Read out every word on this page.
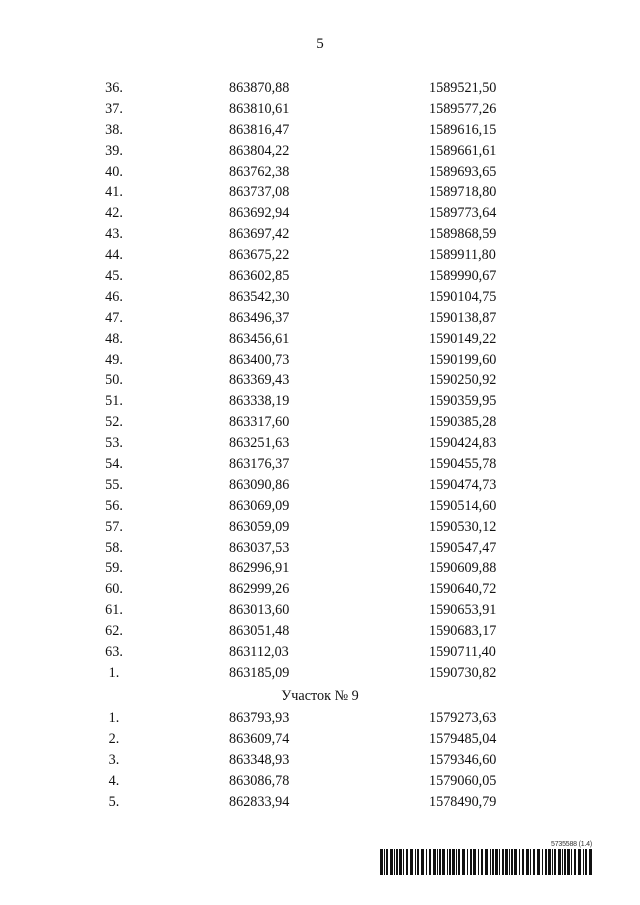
5
36.	863870,88	1589521,50
37.	863810,61	1589577,26
38.	863816,47	1589616,15
39.	863804,22	1589661,61
40.	863762,38	1589693,65
41.	863737,08	1589718,80
42.	863692,94	1589773,64
43.	863697,42	1589868,59
44.	863675,22	1589911,80
45.	863602,85	1589990,67
46.	863542,30	1590104,75
47.	863496,37	1590138,87
48.	863456,61	1590149,22
49.	863400,73	1590199,60
50.	863369,43	1590250,92
51.	863338,19	1590359,95
52.	863317,60	1590385,28
53.	863251,63	1590424,83
54.	863176,37	1590455,78
55.	863090,86	1590474,73
56.	863069,09	1590514,60
57.	863059,09	1590530,12
58.	863037,53	1590547,47
59.	862996,91	1590609,88
60.	862999,26	1590640,72
61.	863013,60	1590653,91
62.	863051,48	1590683,17
63.	863112,03	1590711,40
1.	863185,09	1590730,82
Участок № 9
1.	863793,93	1579273,63
2.	863609,74	1579485,04
3.	863348,93	1579346,60
4.	863086,78	1579060,05
5.	862833,94	1578490,79
5735588 (1.4)
